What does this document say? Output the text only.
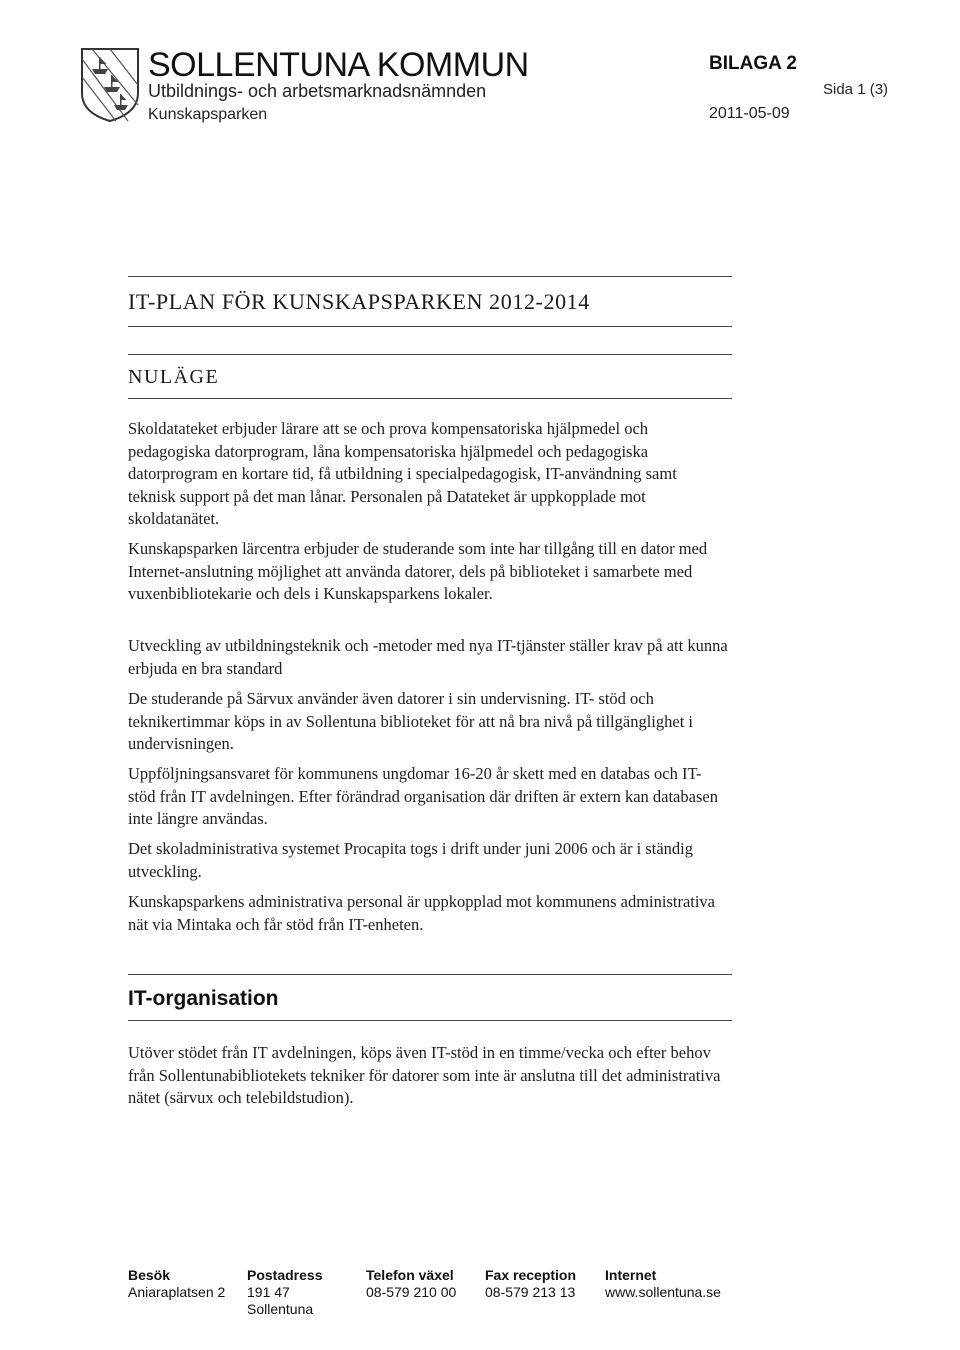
SOLLENTUNA KOMMUN
Utbildnings- och arbetsmarknadsnämnden
Kunskapsparken
BILAGA 2
Sida 1 (3)
2011-05-09
IT-PLAN FÖR KUNSKAPSPARKEN 2012-2014
NULÄGE

Skoldatateket erbjuder lärare att se och prova kompensatoriska hjälpmedel och pedagogiska datorprogram, låna kompensatoriska hjälpmedel och pedagogiska datorprogram en kortare tid, få utbildning i specialpedagogisk, IT-användning samt teknisk support på det man lånar. Personalen på Datateket är uppkopplade mot skoldatanätet.

Kunskapsparken lärcentra erbjuder de studerande som inte har tillgång till en dator med Internet-anslutning möjlighet att använda datorer, dels på biblioteket i samarbete med vuxenbibliotekarie och dels i Kunskapsparkens lokaler.

Utveckling av utbildningsteknik och -metoder med nya IT-tjänster ställer krav på att kunna erbjuda en bra standard

De studerande på Särvux använder även datorer i sin undervisning. IT- stöd och teknikertimmar köps in av Sollentuna biblioteket för att nå bra nivå på tillgänglighet i undervisningen.

Uppföljningsansvaret för kommunens ungdomar 16-20 år skett med en databas och IT-stöd från IT avdelningen. Efter förändrad organisation där driften är extern kan databasen inte längre användas.

Det skoladministrativa systemet Procapita togs i drift under juni 2006 och är i ständig utveckling.

Kunskapsparkens administrativa personal är uppkopplad mot kommunens administrativa nät via Mintaka och får stöd från IT-enheten.

IT-organisation

Utöver stödet från IT avdelningen, köps även IT-stöd in en timme/vecka och efter behov från Sollentunabibliotekets tekniker för datorer som inte är anslutna till det administrativa nätet (särvux och telebildstudion).

Besök
Aniaraplatsen 2
Postadress
191 47
Sollentuna
Telefon växel
08-579 210 00
Fax reception
08-579 213 13
Internet
www.sollentuna.se
